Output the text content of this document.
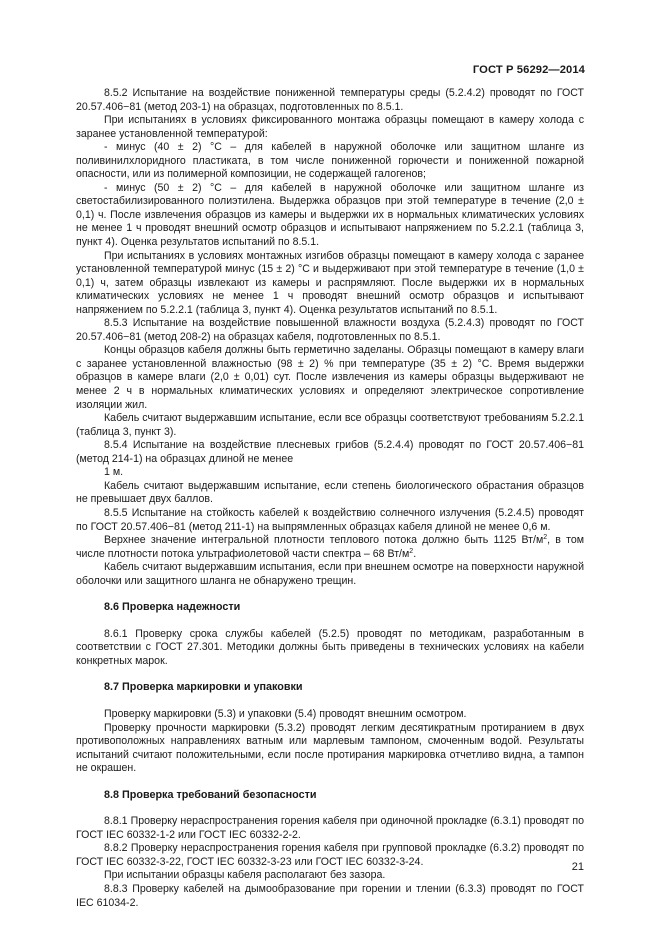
ГОСТ Р 56292—2014

8.5.2 Испытание на воздействие пониженной температуры среды (5.2.4.2) проводят по ГОСТ 20.57.406−81 (метод 203-1) на образцах, подготовленных по 8.5.1.

При испытаниях в условиях фиксированного монтажа образцы помещают в камеру холода с заранее установленной температурой:

- минус (40 ± 2) °С – для кабелей в наружной оболочке или защитном шланге из поливинилхлоридного пластиката, в том числе пониженной горючести и пониженной пожарной опасности, или из полимерной композиции, не содержащей галогенов;

- минус (50 ± 2) °С – для кабелей в наружной оболочке или защитном шланге из светостабилизированного полиэтилена. Выдержка образцов при этой температуре в течение (2,0 ± 0,1) ч. После извлечения образцов из камеры и выдержки их в нормальных климатических условиях не менее 1 ч проводят внешний осмотр образцов и испытывают напряжением по 5.2.2.1 (таблица 3, пункт 4). Оценка результатов испытаний по 8.5.1.

При испытаниях в условиях монтажных изгибов образцы помещают в камеру холода с заранее установленной температурой минус (15 ± 2) °С и выдерживают при этой температуре в течение (1,0 ± 0,1) ч, затем образцы извлекают из камеры и распрямляют. После выдержки их в нормальных климатических условиях не менее 1 ч проводят внешний осмотр образцов и испытывают напряжением по 5.2.2.1 (таблица 3, пункт 4). Оценка результатов испытаний по 8.5.1.

8.5.3 Испытание на воздействие повышенной влажности воздуха (5.2.4.3) проводят по ГОСТ 20.57.406−81 (метод 208-2) на образцах кабеля, подготовленных по 8.5.1.

Концы образцов кабеля должны быть герметично заделаны. Образцы помещают в камеру влаги с заранее установленной влажностью (98 ± 2) % при температуре (35 ± 2) °С. Время выдержки образцов в камере влаги (2,0 ± 0,01) сут. После извлечения из камеры образцы выдерживают не менее 2 ч в нормальных климатических условиях и определяют электрическое сопротивление изоляции жил.

Кабель считают выдержавшим испытание, если все образцы соответствуют требованиям 5.2.2.1 (таблица 3, пункт 3).

8.5.4 Испытание на воздействие плесневых грибов (5.2.4.4) проводят по ГОСТ 20.57.406−81 (метод 214-1) на образцах длиной не менее

1 м.

Кабель считают выдержавшим испытание, если степень биологического обрастания образцов не превышает двух баллов.

8.5.5 Испытание на стойкость кабелей к воздействию солнечного излучения (5.2.4.5) проводят по ГОСТ 20.57.406−81 (метод 211-1) на выпрямленных образцах кабеля длиной не менее 0,6 м.

Верхнее значение интегральной плотности теплового потока должно быть 1125 $Вт/м^2$, в том числе плотности потока ультрафиолетовой части спектра – 68 $Вт/м^2$.

Кабель считают выдержавшим испытания, если при внешнем осмотре на поверхности наружной оболочки или защитного шланга не обнаружено трещин.

8.6 Проверка надежности

8.6.1 Проверку срока службы кабелей (5.2.5) проводят по методикам, разработанным в соответствии с ГОСТ 27.301. Методики должны быть приведены в технических условиях на кабели конкретных марок.

8.7 Проверка маркировки и упаковки

Проверку маркировки (5.3) и упаковки (5.4) проводят внешним осмотром.

Проверку прочности маркировки (5.3.2) проводят легким десятикратным протиранием в двух противоположных направлениях ватным или марлевым тампоном, смоченным водой. Результаты испытаний считают положительными, если после протирания маркировка отчетливо видна, а тампон не окрашен.

8.8 Проверка требований безопасности

8.8.1 Проверку нераспространения горения кабеля при одиночной прокладке (6.3.1) проводят по ГОСТ IEC 60332-1-2 или ГОСТ IEC 60332-2-2.

8.8.2 Проверку нераспространения горения кабеля при групповой прокладке (6.3.2) проводят по ГОСТ IEC 60332-3-22, ГОСТ IEC 60332-3-23 или ГОСТ IEC 60332-3-24.

При испытании образцы кабеля располагают без зазора.

8.8.3 Проверку кабелей на дымообразование при горении и тлении (6.3.3) проводят по ГОСТ IEC 61034-2.

21
